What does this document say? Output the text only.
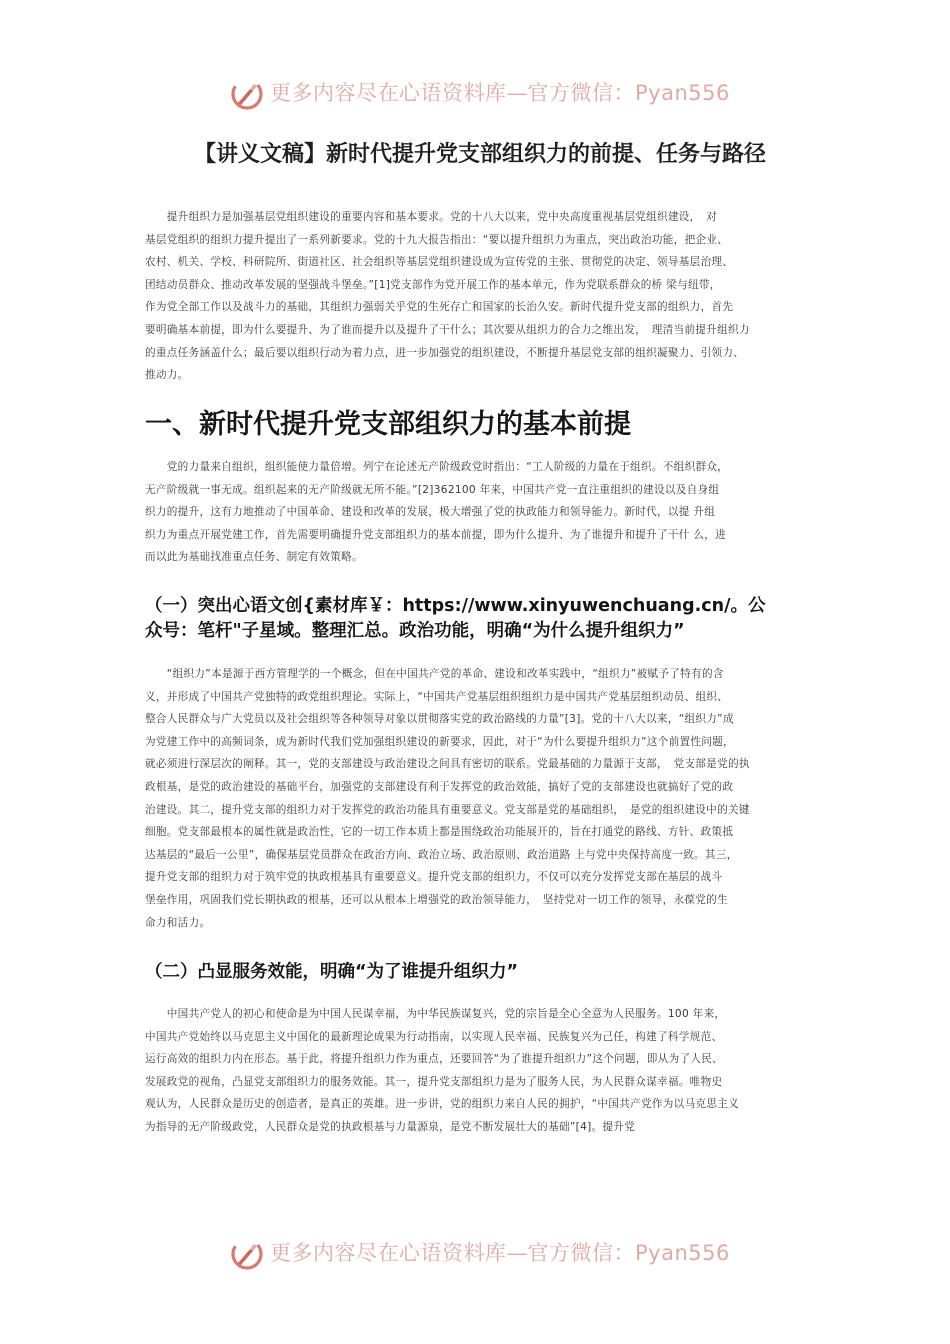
更多内容尽在心语资料库—官方微信：Pyan556
【讲义文稿】新时代提升党支部组织力的前提、任务与路径
　　提升组织力是加强基层党组织建设的重要内容和基本要求。党的十八大以来，党中央高度重视基层党组织建设，　对
基层党组织的组织力提升提出了一系列新要求。党的十九大报告指出：“要以提升组织力为重点，突出政治功能，把企业、
农村、机关、学校、科研院所、街道社区、社会组织等基层党组织建设成为宣传党的主张、贯彻党的决定、领导基层治理、
团结动员群众、推动改革发展的坚强战斗堡垒。”[1]党支部作为党开展工作的基本单元，作为党联系群众的桥 梁与纽带，
作为党全部工作以及战斗力的基础，其组织力强弱关乎党的生死存亡和国家的长治久安。新时代提升党支部的组织力，首先
要明确基本前提，即为什么要提升、为了谁而提升以及提升了干什么；其次要从组织力的合力之维出发，　理清当前提升组织力
的重点任务涵盖什么；最后要以组织行动为着力点，进一步加强党的组织建设，不断提升基层党支部的组织凝聚力、引领力、
推动力。
一、新时代提升党支部组织力的基本前提
　　党的力量来自组织，组织能使力量倍增。列宁在论述无产阶级政党时指出：“工人阶级的力量在于组织。不组织群众，
无产阶级就一事无成。组织起来的无产阶级就无所不能。”[2]362100 年来，中国共产党一直注重组织的建设以及自身组
织力的提升，这有力地推动了中国革命、建设和改革的发展，极大增强了党的执政能力和领导能力。新时代，以提 升组
织力为重点开展党建工作，首先需要明确提升党支部组织力的基本前提，即为什么提升、为了谁提升和提升了干什 么，进
而以此为基础找准重点任务、制定有效策略。
（一）突出心语文创{素材库￥：https://www.xinyuwenchuang.cn/。公
众号：笔杆"子星域。整理汇总。政治功能，明确“为什么提升组织力”
　　“组织力”本是源于西方管理学的一个概念，但在中国共产党的革命、建设和改革实践中，“组织力”被赋予了特有的含
义，并形成了中国共产党独特的政党组织理论。实际上，“中国共产党基层组织组织力是中国共产党基层组织动员、组织、
整合人民群众与广大党员以及社会组织等各种领导对象以贯彻落实党的政治路线的力量”[3]。党的十八大以来，“组织力”成
为党建工作中的高频词条，成为新时代我们党加强组织建设的新要求，因此，对于“为什么要提升组织力”这个前置性问题，
就必须进行深层次的阐释。其一，党的支部建设与政治建设之间具有密切的联系。党最基础的力量源于支部，　党支部是党的执
政根基，是党的政治建设的基础平台，加强党的支部建设有利于发挥党的政治效能，搞好了党的支部建设也就搞好了党的政
治建设。其二，提升党支部的组织力对于发挥党的政治功能具有重要意义。党支部是党的基础组织，　是党的组织建设中的关键
细胞。党支部最根本的属性就是政治性，它的一切工作本质上都是围绕政治功能展开的，旨在打通党的路线、方针、政策抵
达基层的“最后一公里”，确保基层党员群众在政治方向、政治立场、政治原则、政治道路 上与党中央保持高度一致。其三，
提升党支部的组织力对于筑牢党的执政根基具有重要意义。提升党支部的组织力，不仅可以充分发挥党支部在基层的战斗
堡垒作用，巩固我们党长期执政的根基，还可以从根本上增强党的政治领导能力，　坚持党对一切工作的领导，永葆党的生
命力和活力。
（二）凸显服务效能，明确“为了谁提升组织力”
　　中国共产党人的初心和使命是为中国人民谋幸福，为中华民族谋复兴，党的宗旨是全心全意为人民服务。100 年来，
中国共产党始终以马克思主义中国化的最新理论成果为行动指南，以实现人民幸福、民族复兴为己任，构建了科学规范、
运行高效的组织力内在形态。基于此，将提升组织力作为重点，还要回答“为了谁提升组织力”这个问题，即从为了人民、
发展政党的视角，凸显党支部组织力的服务效能。其一，提升党支部组织力是为了服务人民，为人民群众谋幸福。唯物史
观认为，人民群众是历史的创造者，是真正的英雄。进一步讲，党的组织力来自人民的拥护，“中国共产党作为以马克思主义
为指导的无产阶级政党，人民群众是党的执政根基与力量源泉，是党不断发展壮大的基础”[4]。提升党
更多内容尽在心语资料库—官方微信：Pyan556
